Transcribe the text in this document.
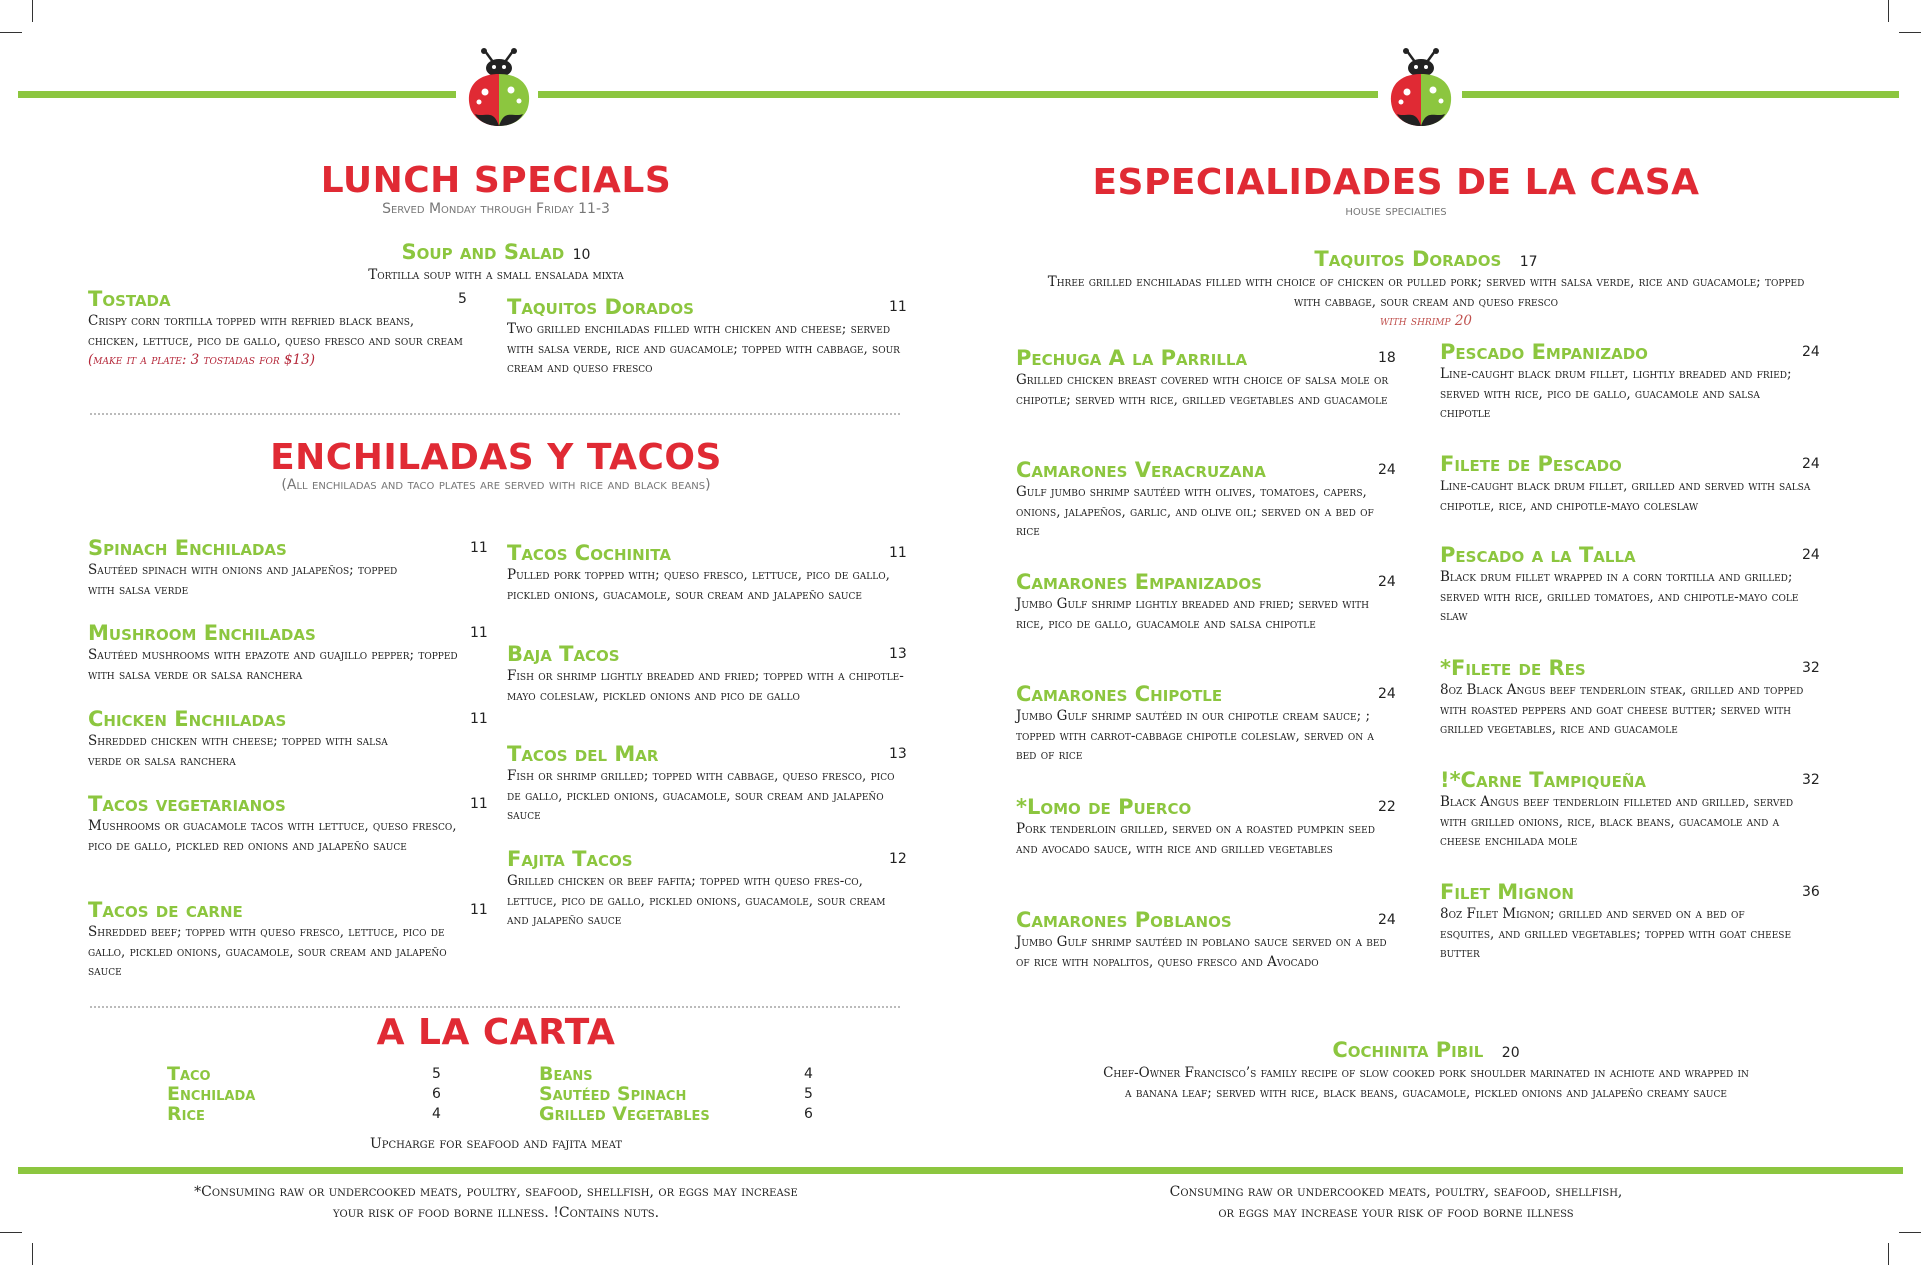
LUNCH SPECIALS
Served Monday through Friday 11-3
Soup and Salad 10
Tortilla soup with a small ensalada mixta
Tostada	5
Crispy corn tortilla topped with refried black beans, chicken, lettuce, pico de gallo, queso fresco and sour cream
(make it a plate: 3 tostadas for $13)
Taquitos Dorados	11
Two grilled enchiladas filled with chicken and cheese; served with salsa verde, rice and guacamole; topped with cabbage, sour cream and queso fresco
ENCHILADAS Y TACOS
(All enchiladas and taco plates are served with rice and black beans)
Spinach Enchiladas	11
Sautéed spinach with onions and jalapeños; topped with salsa verde
Mushroom Enchiladas	11
Sautéed mushrooms with epazote and guajillo pepper; topped with salsa verde or salsa ranchera
Chicken Enchiladas	11
Shredded chicken with cheese; topped with salsa verde or salsa ranchera
Tacos vegetarianos	11
Mushrooms or guacamole tacos with lettuce, queso fresco, pico de gallo, pickled red onions and jalapeño sauce
Tacos de carne	11
Shredded beef; topped with queso fresco, lettuce, pico de gallo, pickled onions, guacamole, sour cream and jalapeño sauce
Tacos Cochinita	11
Pulled pork topped with; queso fresco, lettuce, pico de gallo, pickled onions, guacamole, sour cream and jalapeño sauce
Baja Tacos	13
Fish or shrimp lightly breaded and fried; topped with a chipotle-mayo coleslaw, pickled onions and pico de gallo
Tacos del Mar	13
Fish or shrimp grilled; topped with cabbage, queso fresco, pico de gallo, pickled onions, guacamole, sour cream and jalapeño sauce
Fajita Tacos	12
Grilled chicken or beef fafita; topped with queso fres-co, lettuce, pico de gallo, pickled onions, guacamole, sour cream and jalapeño sauce
A LA CARTA
Taco	5
Enchilada	6
Rice	4
Beans	4
Sautéed Spinach	5
Grilled Vegetables	6
Upcharge for seafood and fajita meat
*Consuming raw or undercooked meats, poultry, seafood, shellfish, or eggs may increase
your risk of food borne illness. !Contains nuts.
ESPECIALIDADES DE LA CASA
house specialties
Taquitos Dorados 17
Three grilled enchiladas filled with choice of chicken or pulled pork; served with salsa verde, rice and guacamole; topped with cabbage, sour cream and queso fresco
with shrimp 20
Pechuga A la Parrilla	18
Grilled chicken breast covered with choice of salsa mole or chipotle; served with rice, grilled vegetables and guacamole
Camarones Veracruzana	24
Gulf jumbo shrimp sautéed with olives, tomatoes, capers, onions, jalapeños, garlic, and olive oil; served on a bed of rice
Camarones Empanizados	24
Jumbo Gulf shrimp lightly breaded and fried; served with rice, pico de gallo, guacamole and salsa chipotle
Camarones Chipotle	24
Jumbo Gulf shrimp sautéed in our chipotle cream sauce; ; topped with carrot-cabbage chipotle coleslaw, served on a bed of rice
*Lomo de Puerco	22
Pork tenderloin grilled, served on a roasted pumpkin seed and avocado sauce, with rice and grilled vegetables
Camarones Poblanos	24
Jumbo Gulf shrimp sautéed in poblano sauce served on a bed of rice with nopalitos, queso fresco and Avocado
Pescado Empanizado	24
Line-caught black drum fillet, lightly breaded and fried; served with rice, pico de gallo, guacamole and salsa chipotle
Filete de Pescado	24
Line-caught black drum fillet, grilled and served with salsa chipotle, rice, and chipotle-mayo coleslaw
Pescado a la Talla	24
Black drum fillet wrapped in a corn tortilla and grilled; served with rice, grilled tomatoes, and chipotle-mayo cole slaw
*Filete de Res	32
8oz Black Angus beef tenderloin steak, grilled and topped with roasted peppers and goat cheese butter; served with grilled vegetables, rice and guacamole
!*Carne Tampiqueña	32
Black Angus beef tenderloin filleted and grilled, served with grilled onions, rice, black beans, guacamole and a cheese enchilada mole
Filet Mignon	36
8oz Filet Mignon; grilled and served on a bed of esquites, and grilled vegetables; topped with goat cheese butter
Cochinita Pibil 20
Chef-Owner Francisco’s family recipe of slow cooked pork shoulder marinated in achiote and wrapped in
a banana leaf; served with rice, black beans, guacamole, pickled onions and jalapeño creamy sauce
Consuming raw or undercooked meats, poultry, seafood, shellfish,
or eggs may increase your risk of food borne illness
